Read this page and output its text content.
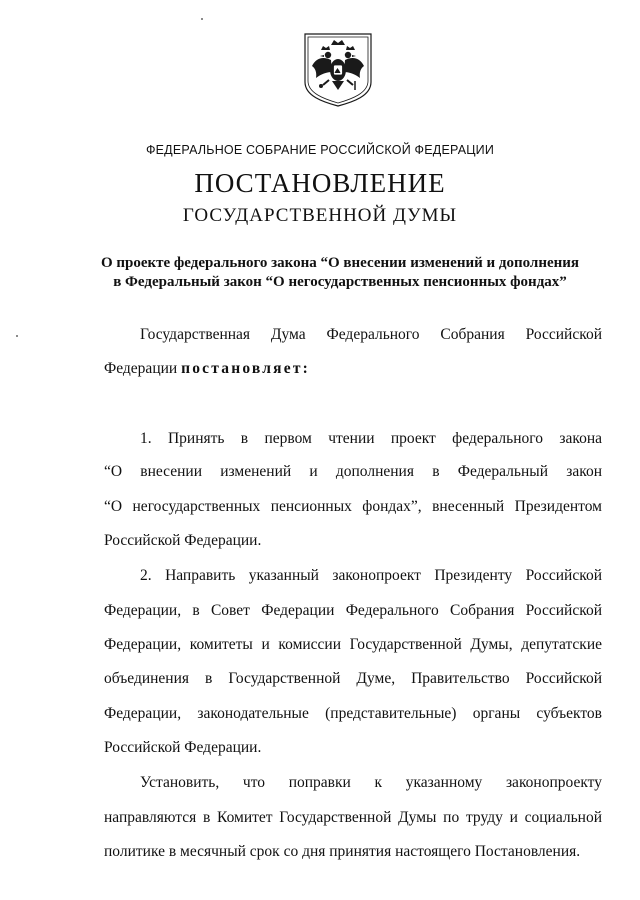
ФЕДЕРАЛЬНОЕ СОБРАНИЕ РОССИЙСКОЙ ФЕДЕРАЦИИ
ПОСТАНОВЛЕНИЕ
ГОСУДАРСТВЕННОЙ ДУМЫ
О проекте федерального закона “О внесении изменений и дополнения
в Федеральный закон “О негосударственных пенсионных фондах”
Государственная Дума Федерального Собрания Российской
Федерации постановляет:
1. Принять в первом чтении проект федерального закона
“О внесении изменений и дополнения в Федеральный закон
“О негосударственных пенсионных фондах”, внесенный Президентом
Российской Федерации.
2. Направить указанный законопроект Президенту Российской
Федерации, в Совет Федерации Федерального Собрания Российской
Федерации, комитеты и комиссии Государственной Думы, депутатские
объединения в Государственной Думе, Правительство Российской
Федерации, законодательные (представительные) органы субъектов
Российской Федерации.
Установить, что поправки к указанному законопроекту
направляются в Комитет Государственной Думы по труду и социальной
политике в месячный срок со дня принятия настоящего Постановления.
